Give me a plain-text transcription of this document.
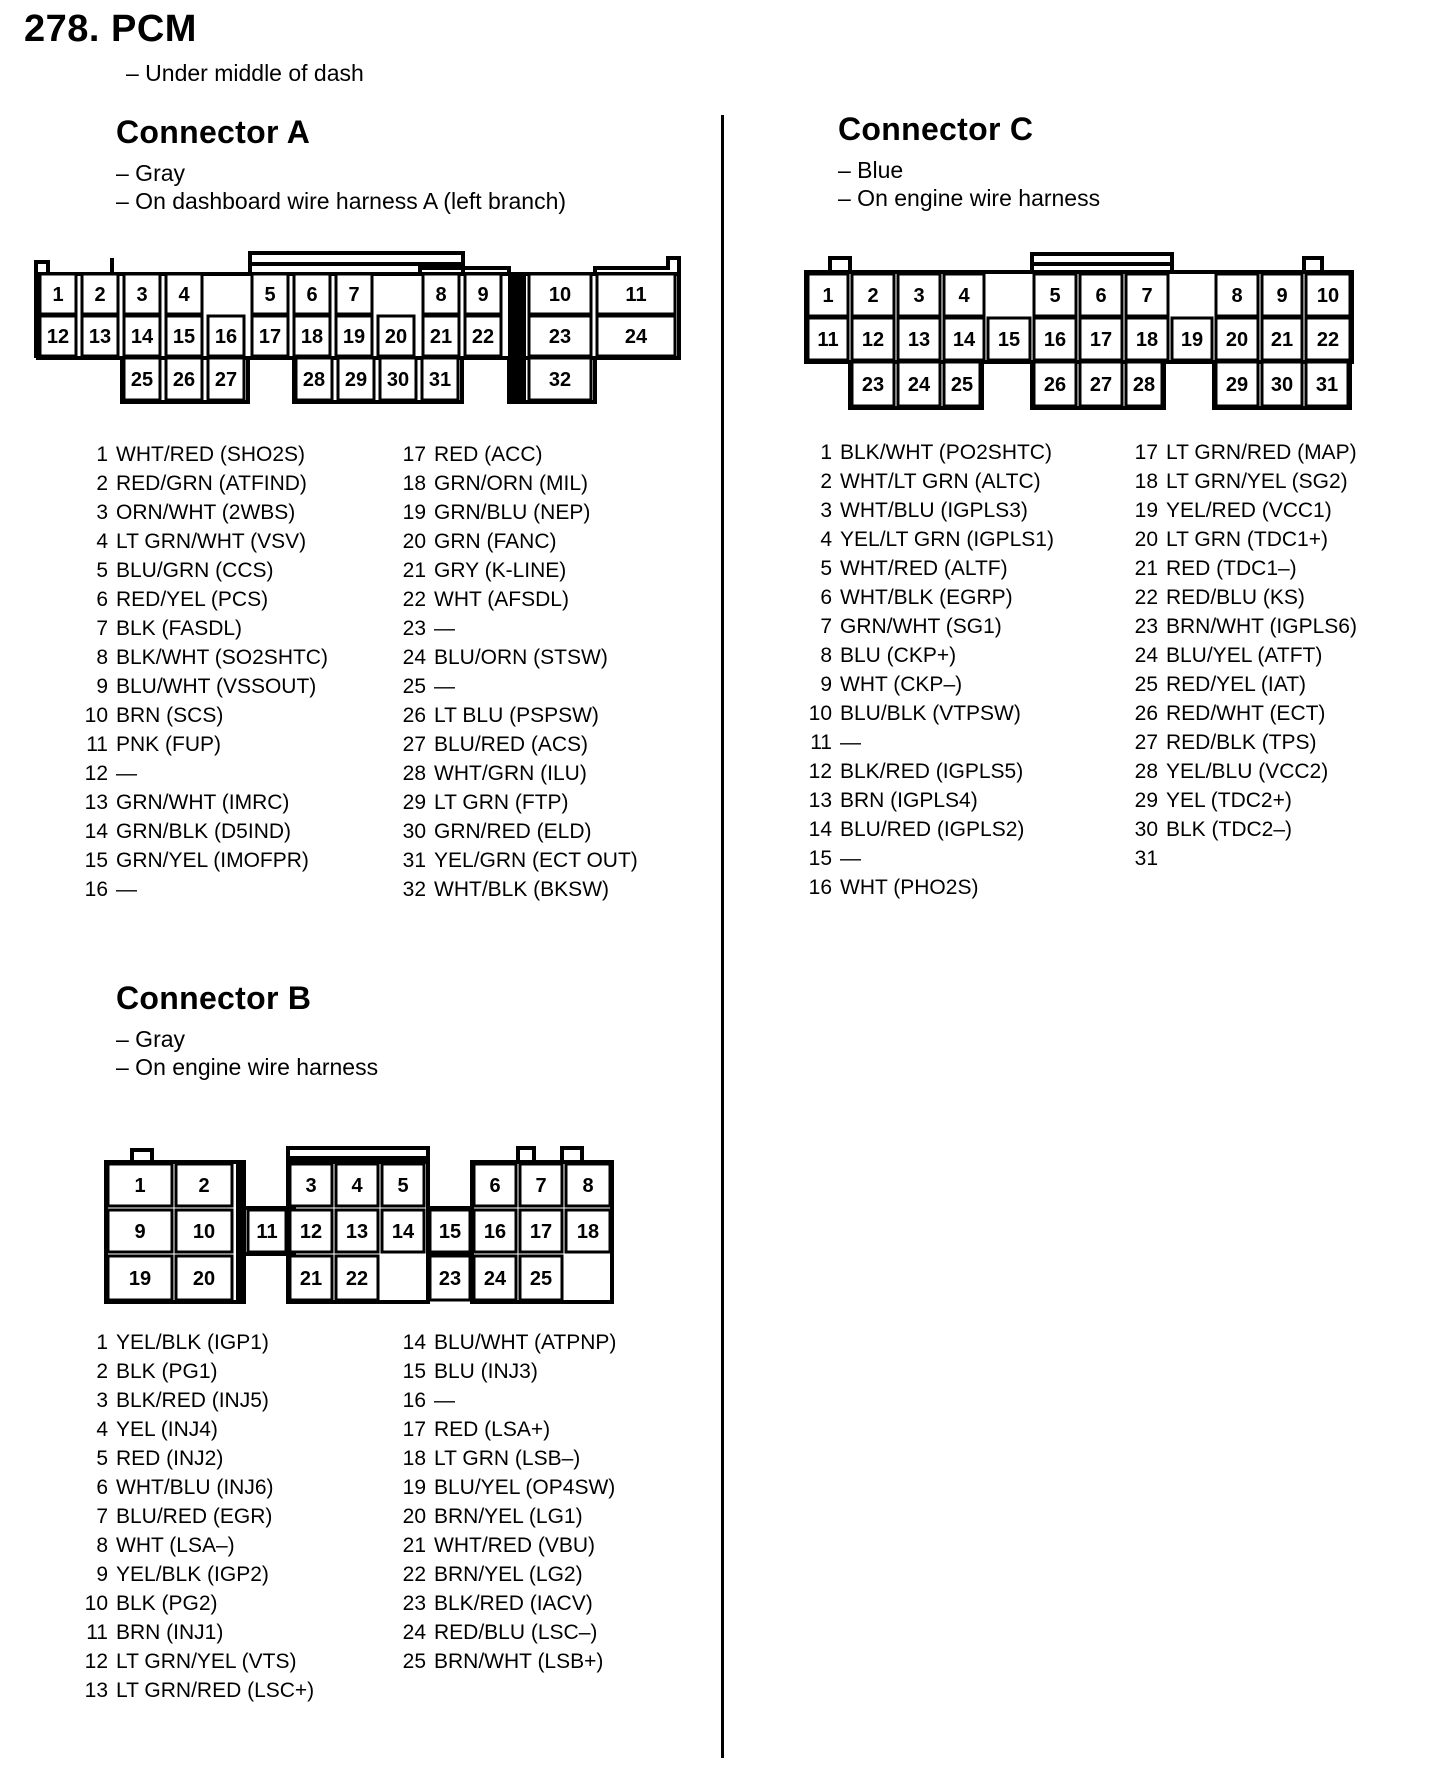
278. PCM
– Under middle of dash
Connector A
– Gray
– On dashboard wire harness A (left branch)
1 2 3 4	5 6 7	8 9	10	11
12 13 14 15 16 17 18 19 20 21 22	23	24
25 26 27	28 29 30 31	32
1 WHT/RED (SHO2S)
2 RED/GRN (ATFIND)
3 ORN/WHT (2WBS)
4 LT GRN/WHT (VSV)
5 BLU/GRN (CCS)
6 RED/YEL (PCS)
7 BLK (FASDL)
8 BLK/WHT (SO2SHTC)
9 BLU/WHT (VSSOUT)
10 BRN (SCS)
11 PNK (FUP)
12 —
13 GRN/WHT (IMRC)
14 GRN/BLK (D5IND)
15 GRN/YEL (IMOFPR)
16 —
17 RED (ACC)
18 GRN/ORN (MIL)
19 GRN/BLU (NEP)
20 GRN (FANC)
21 GRY (K-LINE)
22 WHT (AFSDL)
23 —
24 BLU/ORN (STSW)
25 —
26 LT BLU (PSPSW)
27 BLU/RED (ACS)
28 WHT/GRN (ILU)
29 LT GRN (FTP)
30 GRN/RED (ELD)
31 YEL/GRN (ECT OUT)
32 WHT/BLK (BKSW)
Connector B
– Gray
– On engine wire harness
1	2	3 4 5	6 7 8
9 10 11 12 13 14 15 16 17 18
19 20	21 22	23 24 25
1 YEL/BLK (IGP1)
2 BLK (PG1)
3 BLK/RED (INJ5)
4 YEL (INJ4)
5 RED (INJ2)
6 WHT/BLU (INJ6)
7 BLU/RED (EGR)
8 WHT (LSA–)
9 YEL/BLK (IGP2)
10 BLK (PG2)
11 BRN (INJ1)
12 LT GRN/YEL (VTS)
13 LT GRN/RED (LSC+)
14 BLU/WHT (ATPNP)
15 BLU (INJ3)
16 —
17 RED (LSA+)
18 LT GRN (LSB–)
19 BLU/YEL (OP4SW)
20 BRN/YEL (LG1)
21 WHT/RED (VBU)
22 BRN/YEL (LG2)
23 BLK/RED (IACV)
24 RED/BLU (LSC–)
25 BRN/WHT (LSB+)
Connector C
– Blue
– On engine wire harness
1 2 3 4	5 6 7	8 9 10
11 12 13 14 15 16 17 18 19 20 21 22
23 24 25	26 27 28	29 30 31
1 BLK/WHT (PO2SHTC)
2 WHT/LT GRN (ALTC)
3 WHT/BLU (IGPLS3)
4 YEL/LT GRN (IGPLS1)
5 WHT/RED (ALTF)
6 WHT/BLK (EGRP)
7 GRN/WHT (SG1)
8 BLU (CKP+)
9 WHT (CKP–)
10 BLU/BLK (VTPSW)
11 —
12 BLK/RED (IGPLS5)
13 BRN (IGPLS4)
14 BLU/RED (IGPLS2)
15 —
16 WHT (PHO2S)
17 LT GRN/RED (MAP)
18 LT GRN/YEL (SG2)
19 YEL/RED (VCC1)
20 LT GRN (TDC1+)
21 RED (TDC1–)
22 RED/BLU (KS)
23 BRN/WHT (IGPLS6)
24 BLU/YEL (ATFT)
25 RED/YEL (IAT)
26 RED/WHT (ECT)
27 RED/BLK (TPS)
28 YEL/BLU (VCC2)
29 YEL (TDC2+)
30 BLK (TDC2–)
31
